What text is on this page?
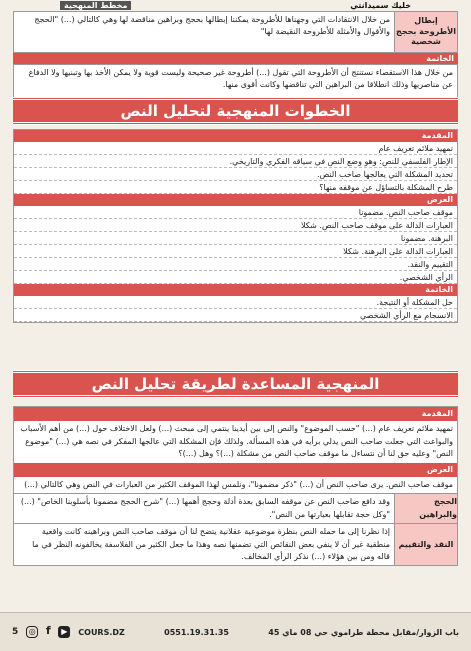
خليك سميدانتي
مخطط المنهجية
إبطال الأطروحة بحجج شخصية
من خلال الانتقادات التي وجهناها للأطروحة يمكننا إبطالها بحجج وبراهين مناقضة لها وهي كالتالي (...) "الحجج والأقوال والأمثلة للأطروحة النقيضة لها"
الخاتمة
من خلال هذا الاستقصاء نستنتج أن الأطروحة التي تقول (...) أطروحة غير صحيحة وليست قوية ولا يمكن الأخذ بها وتبنيها ولا الدفاع عن مناصريها وذلك انطلاقا من البراهين التي تناقضها وكانت أقوى منها.
الخطوات المنهجية لتحليل النص
المقدمة
تمهيد ملائم تعريف عام
الإطار الفلسفي للنص: وهو وضع النص في سياقه الفكري والتاريخي.
تحديد المشكلة التي يعالجها صاحب النص.
طرح المشكلة بالتساؤل عن موقفه منها؟
العرض
موقف صاحب النص. مضمونا
العبارات الدالة على موقف صاحب النص. شكلا
البرهنة. مضمونا
العبارات الدالة على البرهنة. شكلا
التقييم والنقد.
الرأي الشخصي.
الخاتمة
حل المشكلة أو النتيجة.
الانسجام مع الرأي الشخصي
المنهجية المساعدة لطريقة تحليل النص
المقدمة
تمهيد ملائم تعريف عام (...) "حسب الموضوع" والنص إلى بين أيدينا ينتمي إلى مبحث (...) ولعل الاختلاف حول (...) من أهم الأسباب والبواعث التي جعلت صاحب النص يدلي برأيه في هذه المسألة. ولذلك فإن المشكلة التي عالجها المفكر في نصه هي (...) "موضوع النص" وعليه حق لنا أن نتساءل ما موقف صاحب النص من مشكلة (...)؟ وهل (...)؟
العرض
موقف صاحب النص. يرى صاحب النص أن (...) "ذكر مضمونا"، ونلمس لهذا الموقف الكثير من العبارات في النص وهي كالتالي (...)
الحجج والبراهين
وقد دافع صاحب النص عن موقفه السابق بعدة أدلة وحجج أهمها (...) "شرح الحجج مضمونا بأسلوبنا الخاص" (...) "وكل حجة تقابلها بعبارتها من النص".
النقد والتقييم
إذا نظرنا إلى ما حمله النص بنظرة موضوعية عقلانية يتضح لنا أن موقف صاحب النص وبراهينه كانت واقعية منطقية غير أن لا ينفي بعض النقائص التي تضمنها نصه وهذا ما جعل الكثير من الفلاسفة يخالفونه النظر في ما قاله ومن بين هؤلاء (...) نذكر الرأي المخالف.
5	◎ f	▶	COURS.DZ	0551.19.31.35	باب الزوار/مقابل محطة طراموي حي 08 ماي 45
